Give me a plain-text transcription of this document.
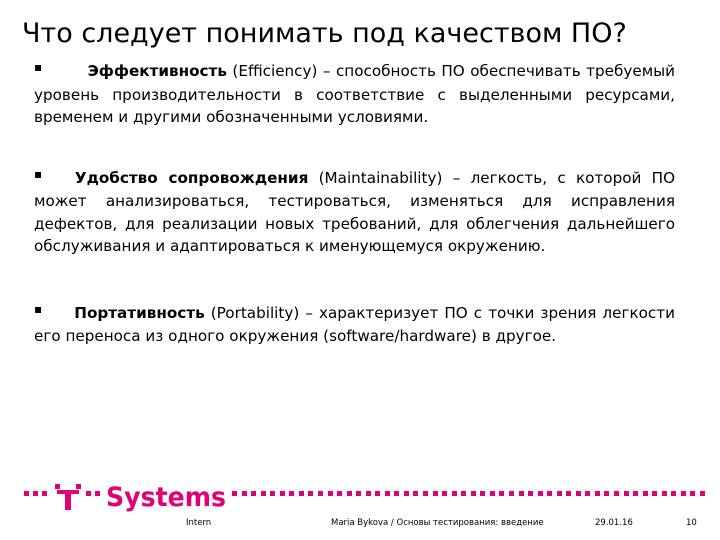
Что следует понимать под качеством ПО?

▪	Эффективность (Efficiency) – способность ПО обеспечивать требуемый уровень производительности в соответствие с выделенными ресурсами, временем и другими обозначенными условиями.

▪ Удобство сопровождения (Maintainability) – легкость, с которой ПО может анализироваться, тестироваться, изменяться для исправления дефектов, для реализации новых требований, для облегчения дальнейшего обслуживания и адаптироваться к именующемуся окружению.

▪ Портативность (Portability) – характеризует ПО с точки зрения легкости его переноса из одного окружения (software/hardware) в другое.

Systems
Intern	Maria Bykova / Основы тестирования: введение	29.01.16	10
